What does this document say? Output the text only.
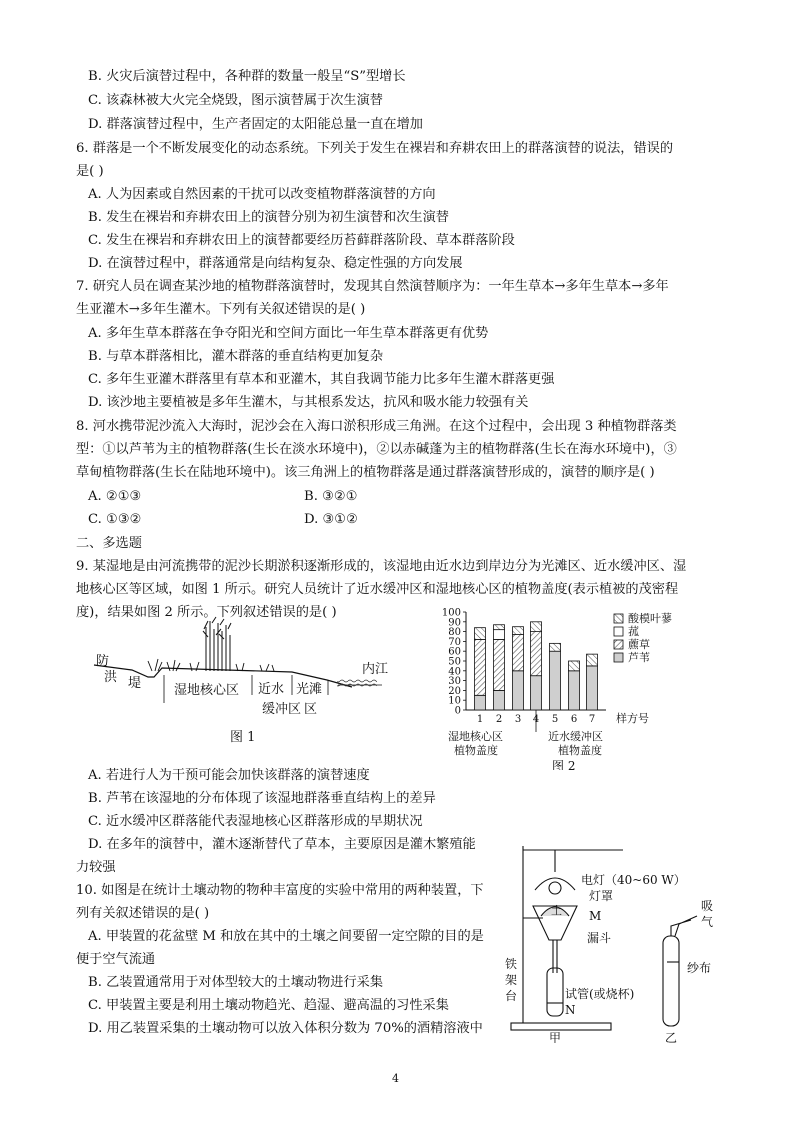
B. 火灾后演替过程中，各种群的数量一般呈“S”型增长
C. 该森林被大火完全烧毁，图示演替属于次生演替
D. 群落演替过程中，生产者固定的太阳能总量一直在增加
6. 群落是一个不断发展变化的动态系统。下列关于发生在裸岩和弃耕农田上的群落演替的说法，错误的
是( )
A. 人为因素或自然因素的干扰可以改变植物群落演替的方向
B. 发生在裸岩和弃耕农田上的演替分别为初生演替和次生演替
C. 发生在裸岩和弃耕农田上的演替都要经历苔藓群落阶段、草本群落阶段
D. 在演替过程中，群落通常是向结构复杂、稳定性强的方向发展
7. 研究人员在调查某沙地的植物群落演替时，发现其自然演替顺序为：一年生草本→多年生草本→多年
生亚灌木→多年生灌木。下列有关叙述错误的是( )
A. 多年生草本群落在争夺阳光和空间方面比一年生草本群落更有优势
B. 与草本群落相比，灌木群落的垂直结构更加复杂
C. 多年生亚灌木群落里有草本和亚灌木，其自我调节能力比多年生灌木群落更强
D. 该沙地主要植被是多年生灌木，与其根系发达，抗风和吸水能力较强有关
8. 河水携带泥沙流入大海时，泥沙会在入海口淤积形成三角洲。在这个过程中，会出现 3 种植物群落类
型：①以芦苇为主的植物群落(生长在淡水环境中)，②以赤碱蓬为主的植物群落(生长在海水环境中)，③
草甸植物群落(生长在陆地环境中)。该三角洲上的植物群落是通过群落演替形成的，演替的顺序是( )
A. ②①③	B. ③②①
C. ①③②	D. ③①②
二、多选题
9. 某湿地是由河流携带的泥沙长期淤积逐渐形成的，该湿地由近水边到岸边分为光滩区、近水缓冲区、湿
地核心区等区域，如图 1 所示。研究人员统计了近水缓冲区和湿地核心区的植物盖度(表示植被的茂密程
度)，结果如图 2 所示。下列叙述错误的是( )
A. 若进行人为干预可能会加快该群落的演替速度
B. 芦苇在该湿地的分布体现了该湿地群落垂直结构上的差异
C. 近水缓冲区群落能代表湿地核心区群落形成的早期状况
D. 在多年的演替中，灌木逐渐替代了草本，主要原因是灌木繁殖能
力较强
10. 如图是在统计土壤动物的物种丰富度的实验中常用的两种装置，下
列有关叙述错误的是( )
A. 甲装置的花盆壁 M 和放在其中的土壤之间要留一定空隙的目的是
便于空气流通
B. 乙装置通常用于对体型较大的土壤动物进行采集
C. 甲装置主要是利用土壤动物趋光、趋湿、避高温的习性采集
D. 用乙装置采集的土壤动物可以放入体积分数为 70%的酒精溶液中
防
洪 堤	湿地核心区 近水
缓冲区
光滩
区
内江
图 1
0
10
20
30
40
50
60
70
80
90
100
1 2 3 4 5 6 7 样方号
酸模叶蓼
菰
藨草
芦苇
湿地核心区
植物盖度
近水缓冲区
植物盖度
图 2
电灯（40~60 W）
灯罩
土 M
漏斗
铁
架
台	试管(或烧杯)
N
甲
吸
气
纱布
乙
4
